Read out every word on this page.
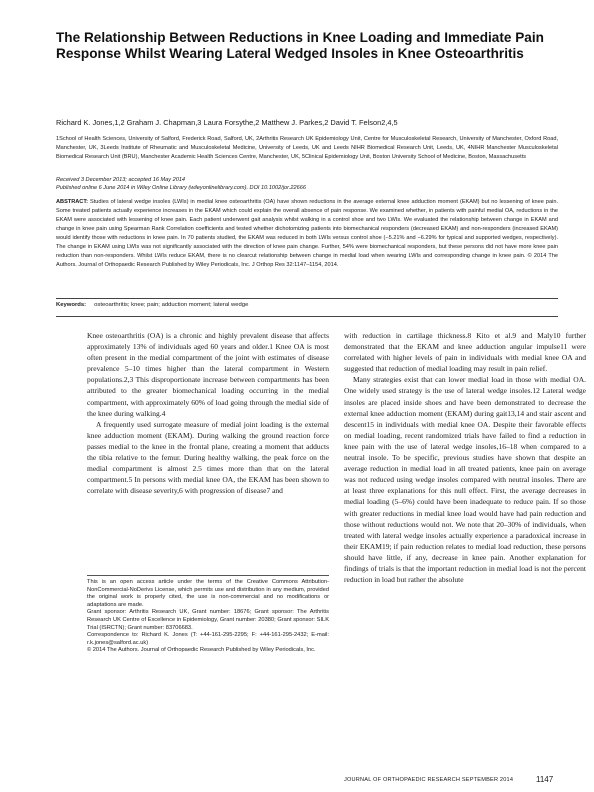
The Relationship Between Reductions in Knee Loading and Immediate Pain Response Whilst Wearing Lateral Wedged Insoles in Knee Osteoarthritis
Richard K. Jones,1,2 Graham J. Chapman,3 Laura Forsythe,2 Matthew J. Parkes,2 David T. Felson2,4,5
1School of Health Sciences, University of Salford, Frederick Road, Salford, UK, 2Arthritis Research UK Epidemiology Unit, Centre for Musculoskeletal Research, University of Manchester, Oxford Road, Manchester, UK, 3Leeds Institute of Rheumatic and Musculoskeletal Medicine, University of Leeds, UK and Leeds NIHR Biomedical Research Unit, Leeds, UK, 4NIHR Manchester Musculoskeletal Biomedical Research Unit (BRU), Manchester Academic Health Sciences Centre, Manchester, UK, 5Clinical Epidemiology Unit, Boston University School of Medicine, Boston, Massachusetts
Received 3 December 2013; accepted 16 May 2014
Published online 6 June 2014 in Wiley Online Library (wileyonlinelibrary.com). DOI 10.1002/jor.22666
ABSTRACT: Studies of lateral wedge insoles (LWIs) in medial knee osteoarthritis (OA) have shown reductions in the average external knee adduction moment (EKAM) but no lessening of knee pain. Some treated patients actually experience increases in the EKAM which could explain the overall absence of pain response. We examined whether, in patients with painful medial OA, reductions in the EKAM were associated with lessening of knee pain. Each patient underwent gait analysis whilst walking in a control shoe and two LWIs. We evaluated the relationship between change in EKAM and change in knee pain using Spearman Rank Correlation coefficients and tested whether dichotomizing patients into biomechanical responders (decreased EKAM) and non-responders (increased EKAM) would identify those with reductions in knee pain. In 70 patients studied, the EKAM was reduced in both LWIs versus control shoe (−5.21% and −6.29% for typical and supported wedges, respectively). The change in EKAM using LWIs was not significantly associated with the direction of knee pain change. Further, 54% were biomechanical responders, but these persons did not have more knee pain reduction than non-responders. Whilst LWIs reduce EKAM, there is no clearcut relationship between change in medial load when wearing LWIs and corresponding change in knee pain. © 2014 The Authors. Journal of Orthopaedic Research Published by Wiley Periodicals, Inc. J Orthop Res 32:1147–1154, 2014.
Keywords: osteoarthritis; knee; pain; adduction moment; lateral wedge

Knee osteoarthritis (OA) is a chronic and highly prevalent disease that affects approximately 13% of individuals aged 60 years and older.1 Knee OA is most often present in the medial compartment of the joint with estimates of disease prevalence 5–10 times higher than the lateral compartment in Western populations.2,3 This disproportionate increase between compartments has been attributed to the greater biomechanical loading occurring in the medial compartment, with approximately 60% of load going through the medial side of the knee during walking.4

A frequently used surrogate measure of medial joint loading is the external knee adduction moment (EKAM). During walking the ground reaction force passes medial to the knee in the frontal plane, creating a moment that adducts the tibia relative to the femur. During healthy walking, the peak force on the medial compartment is almost 2.5 times more than that on the lateral compartment.5 In persons with medial knee OA, the EKAM has been shown to correlate with disease severity,6 with progression of disease7 and

This is an open access article under the terms of the Creative Commons Attribution-NonCommercial-NoDerivs License, which permits use and distribution in any medium, provided the original work is properly cited, the use is non-commercial and no modifications or adaptations are made.

Grant sponsor: Arthritis Research UK, Grant number: 18676; Grant sponsor: The Arthritis Research UK Centre of Excellence in Epidemiology, Grant number: 20380; Grant sponsor: SILK Trial (ISRCTN); Grant number: 83706683.

Correspondence to: Richard K. Jones (T: +44-161-295-2295; F: +44-161-295-2432; E-mail: r.k.jones@salford.ac.uk)

© 2014 The Authors. Journal of Orthopaedic Research Published by Wiley Periodicals, Inc.

with reduction in cartilage thickness.8 Kito et al.9 and Maly10 further demonstrated that the EKAM and knee adduction angular impulse11 were correlated with higher levels of pain in individuals with medial knee OA and suggested that reduction of medial loading may result in pain relief.

Many strategies exist that can lower medial load in those with medial OA. One widely used strategy is the use of lateral wedge insoles.12 Lateral wedge insoles are placed inside shoes and have been demonstrated to decrease the external knee adduction moment (EKAM) during gait13,14 and stair ascent and descent15 in individuals with medial knee OA. Despite their favorable effects on medial loading, recent randomized trials have failed to find a reduction in knee pain with the use of lateral wedge insoles,16–18 when compared to a neutral insole. To be specific, previous studies have shown that despite an average reduction in medial load in all treated patients, knee pain on average was not reduced using wedge insoles compared with neutral insoles. There are at least three explanations for this null effect. First, the average decreases in medial loading (5–6%) could have been inadequate to reduce pain. If so those with greater reductions in medial knee load would have had pain reduction and those without reductions would not. We note that 20–30% of individuals, when treated with lateral wedge insoles actually experience a paradoxical increase in their EKAM19; if pain reduction relates to medial load reduction, these persons should have little, if any, decrease in knee pain. Another explanation for findings of trials is that the important reduction in medial load is not the percent reduction in load but rather the absolute

JOURNAL OF ORTHOPAEDIC RESEARCH SEPTEMBER 2014	1147
